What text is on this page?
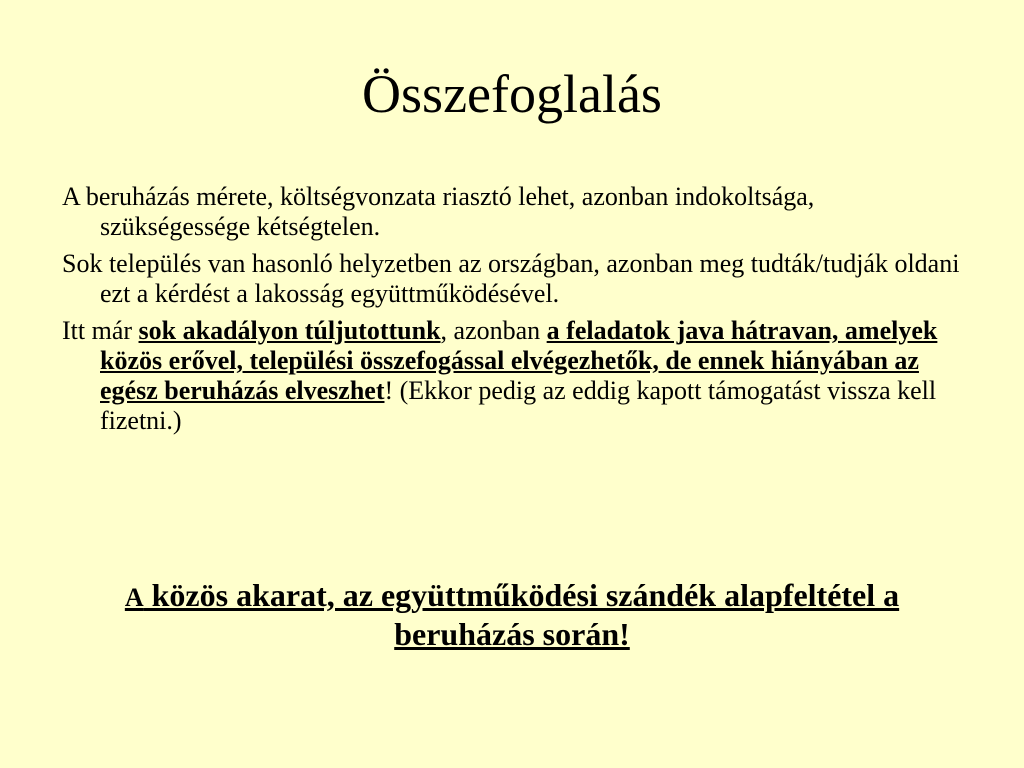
Összefoglalás

A beruházás mérete, költségvonzata riasztó lehet, azonban indokoltsága, szükségessége kétségtelen.

Sok település van hasonló helyzetben az országban, azonban meg tudták/tudják oldani ezt a kérdést a lakosság együttműködésével.

Itt már sok akadályon túljutottunk, azonban a feladatok java hátravan, amelyek közös erővel, települési összefogással elvégezhetők, de ennek hiányában az egész beruházás elveszhet! (Ekkor pedig az eddig kapott támogatást vissza kell fizetni.)

A közös akarat, az együttműködési szándék alapfeltétel a beruházás során!
